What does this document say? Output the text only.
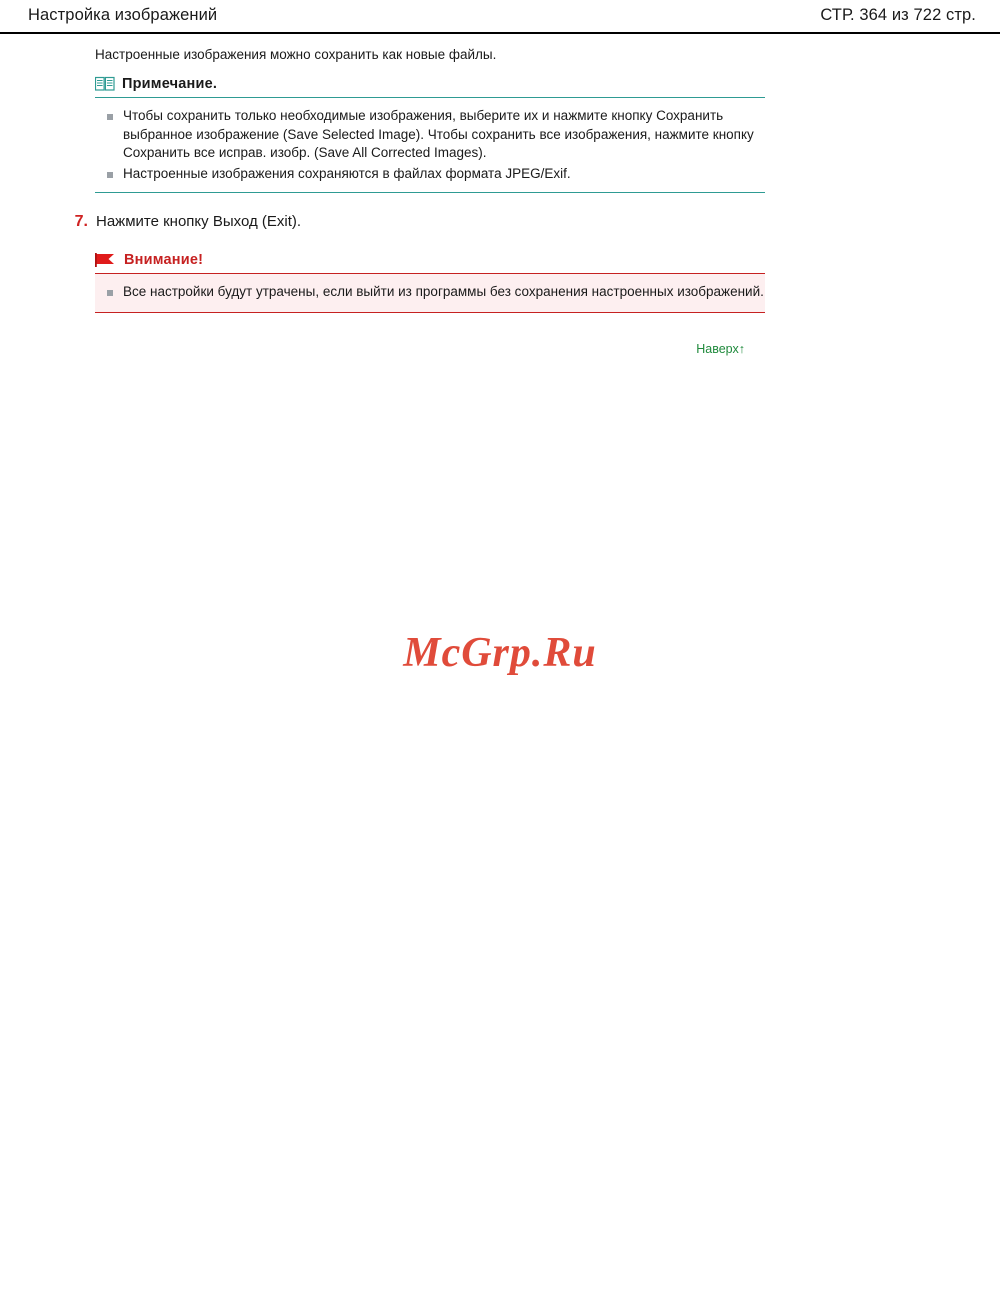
Настройка изображений	СТР. 364 из 722 стр.
Настроенные изображения можно сохранить как новые файлы.
Примечание.
Чтобы сохранить только необходимые изображения, выберите их и нажмите кнопку Сохранить выбранное изображение (Save Selected Image). Чтобы сохранить все изображения, нажмите кнопку Сохранить все исправ. изобр. (Save All Corrected Images).
Настроенные изображения сохраняются в файлах формата JPEG/Exif.
7. Нажмите кнопку Выход (Exit).
Внимание!
Все настройки будут утрачены, если выйти из программы без сохранения настроенных изображений.
Наверх↑
McGrp.Ru
